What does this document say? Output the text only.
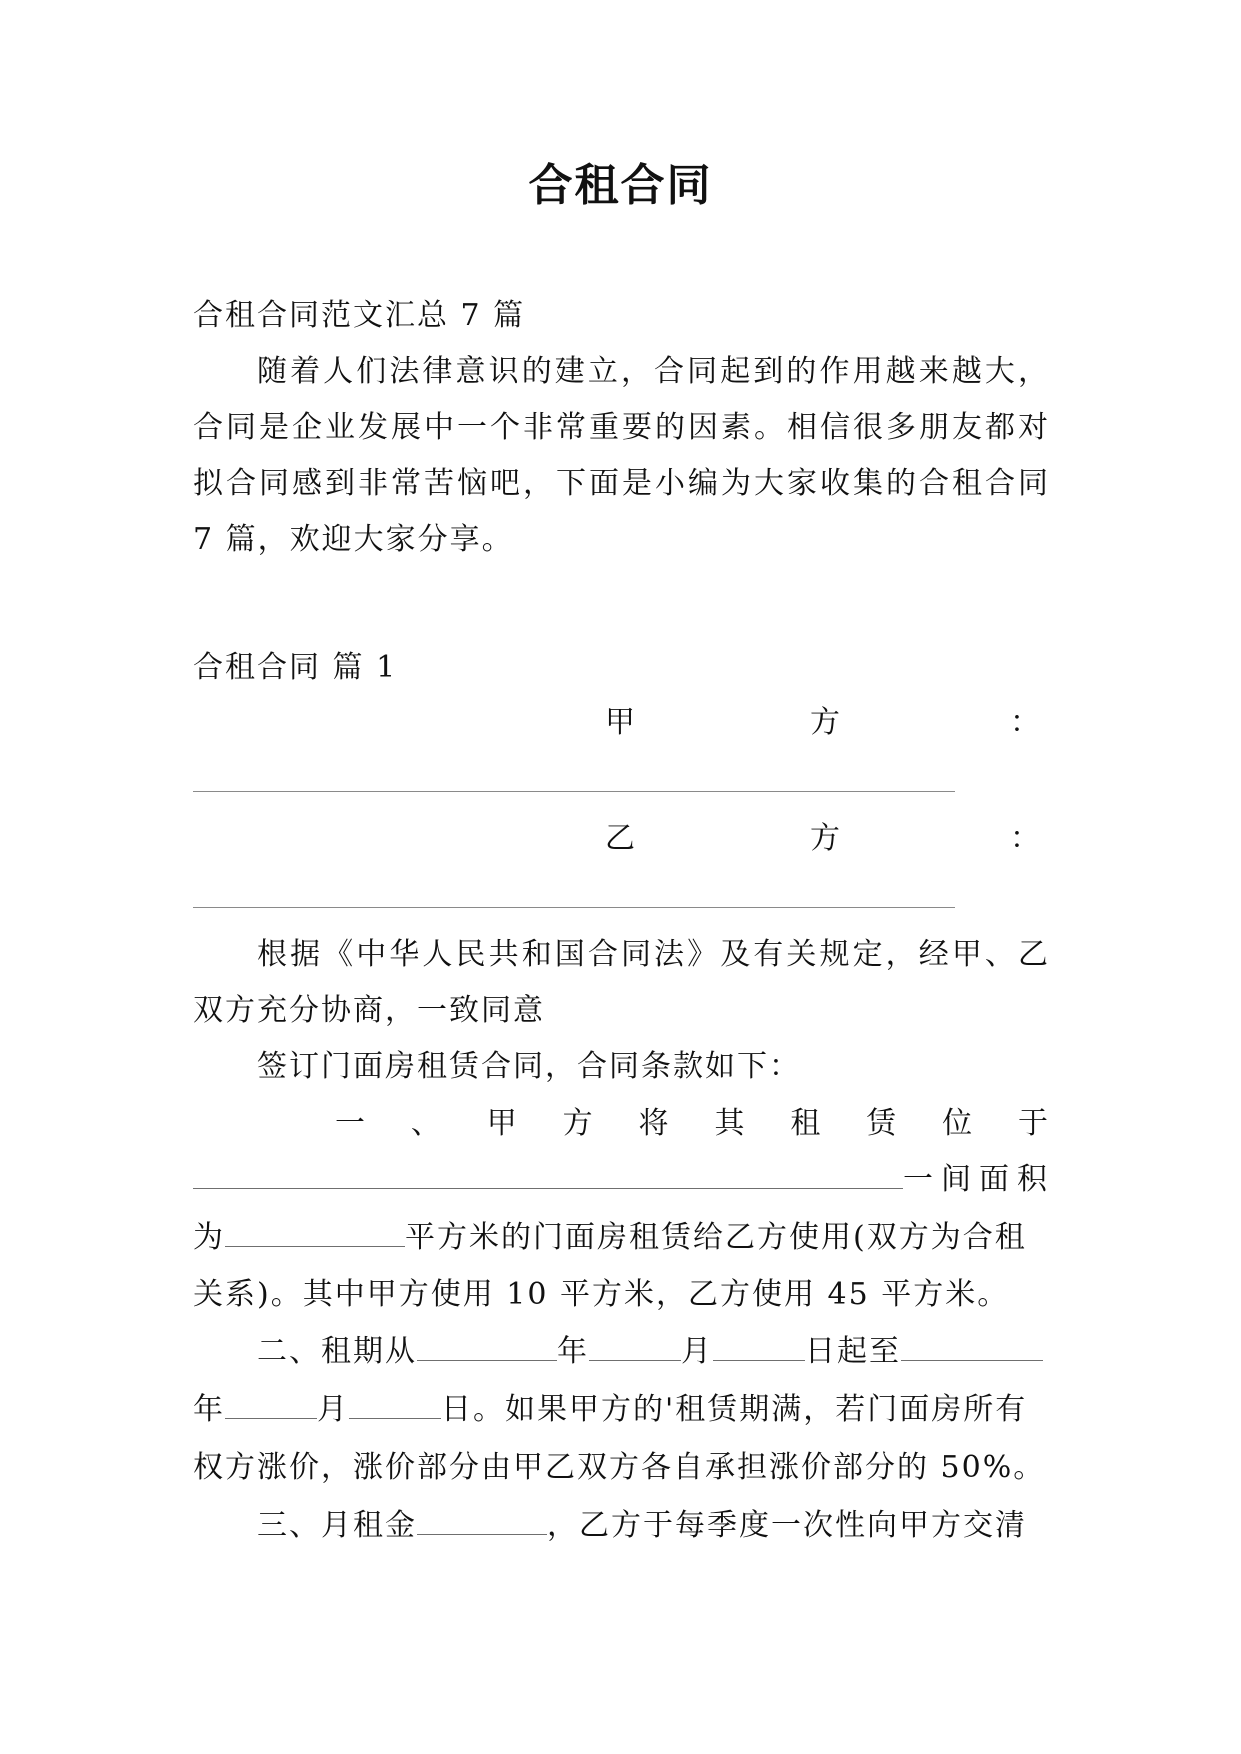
合租合同
合租合同范文汇总 7 篇
随着人们法律意识的建立，合同起到的作用越来越大，
合同是企业发展中一个非常重要的因素。相信很多朋友都对
拟合同感到非常苦恼吧，下面是小编为大家收集的合租合同
7 篇，欢迎大家分享。
合租合同 篇 1
甲	方	：
乙	方	：
根据《中华人民共和国合同法》及有关规定，经甲、乙
双方充分协商，一致同意
签订门面房租赁合同，合同条款如下：
一、甲方将其租赁位于
一间面积
为	平方米的门面房租赁给乙方使用(双方为合租
关系)。其中甲方使用 10 平方米，乙方使用 45 平方米。
二、租期从	年	月	日起至
年	月	日。如果甲方的'租赁期满，若门面房所有
权方涨价，涨价部分由甲乙双方各自承担涨价部分的 50%。
三、月租金	，乙方于每季度一次性向甲方交清
